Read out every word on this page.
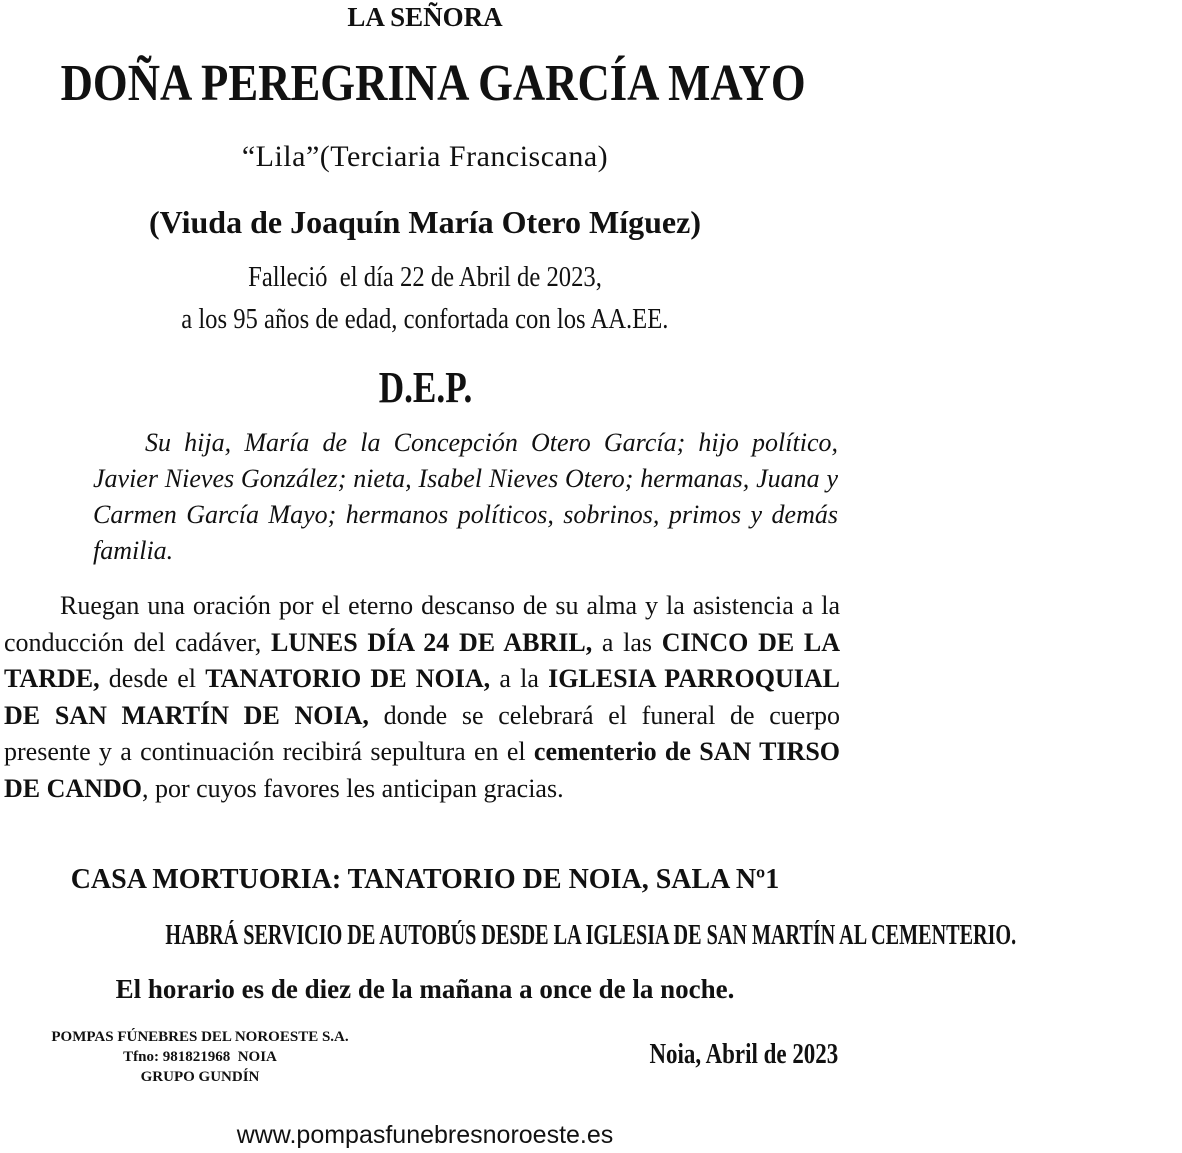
LA SEÑORA
DOÑA PEREGRINA GARCÍA MAYO
“Lila”(Terciaria Franciscana)
(Viuda de Joaquín María Otero Míguez)
Falleció  el día 22 de Abril de 2023,
a los 95 años de edad, confortada con los AA.EE.
D.E.P.

Su hija, María de la Concepción Otero García; hijo político, Javier Nieves González; nieta, Isabel Nieves Otero; hermanas, Juana y Carmen García Mayo; hermanos políticos, sobrinos, primos y demás familia.

Ruegan una oración por el eterno descanso de su alma y la asistencia a la conducción del cadáver, LUNES DÍA 24 DE ABRIL, a las CINCO DE LA TARDE, desde el TANATORIO DE NOIA, a la IGLESIA PARROQUIAL DE SAN MARTÍN DE NOIA, donde se celebrará el funeral de cuerpo presente y a continuación recibirá sepultura en el cementerio de SAN TIRSO DE CANDO, por cuyos favores les anticipan gracias.

CASA MORTUORIA: TANATORIO DE NOIA, SALA Nº1
HABRÁ SERVICIO DE AUTOBÚS DESDE LA IGLESIA DE SAN MARTÍN AL CEMENTERIO.
El horario es de diez de la mañana a once de la noche.
POMPAS FÚNEBRES DEL NOROESTE S.A.
Tfno: 981821968  NOIA
GRUPO GUNDÍN
Noia, Abril de 2023
www.pompasfunebresnoroeste.es
